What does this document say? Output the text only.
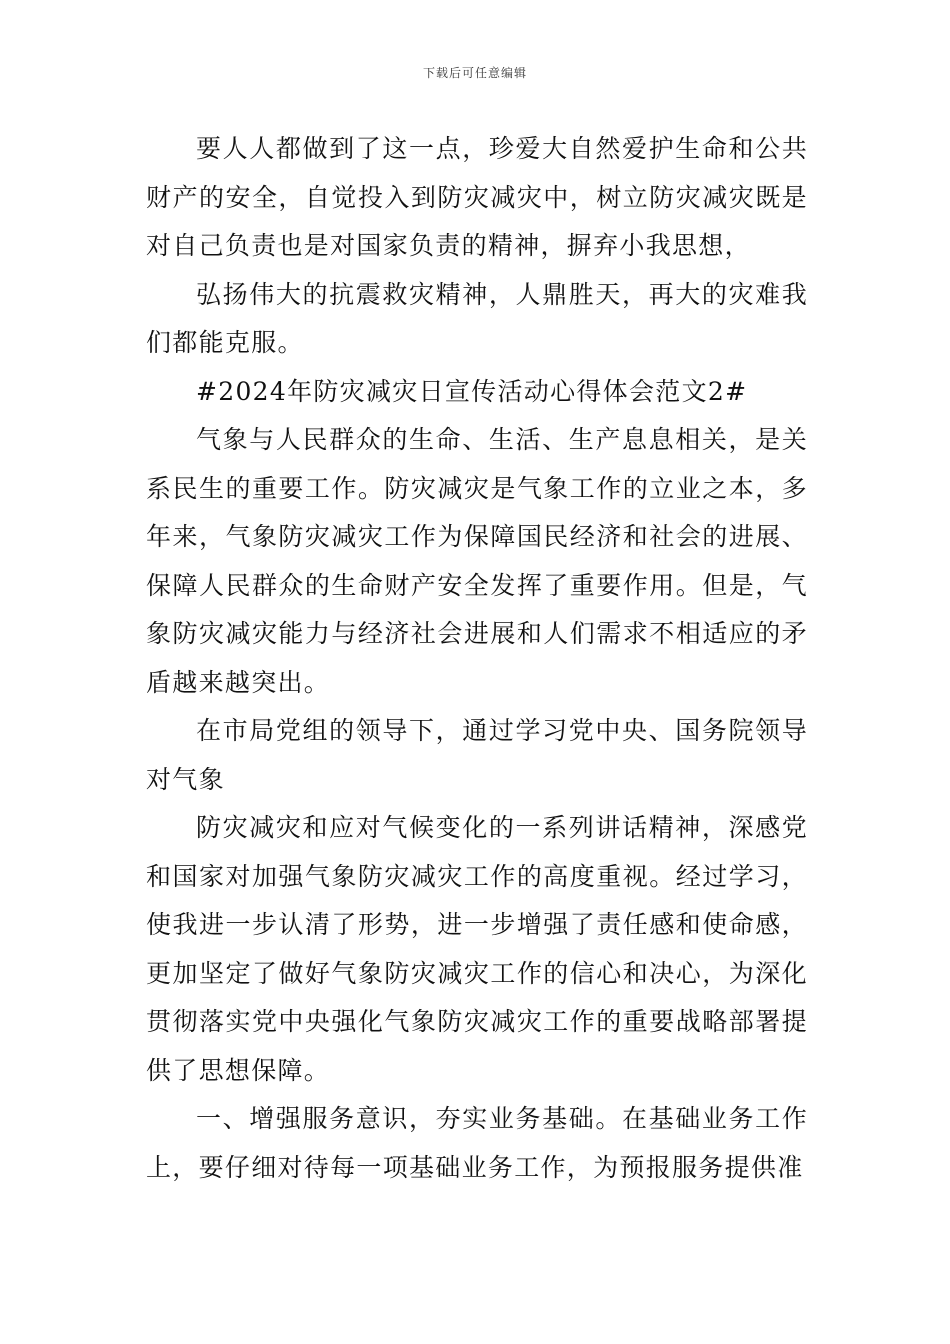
下载后可任意编辑

要人人都做到了这一点，珍爱大自然爱护生命和公共财产的安全，自觉投入到防灾减灾中，树立防灾减灾既是对自己负责也是对国家负责的精神，摒弃小我思想，

弘扬伟大的抗震救灾精神，人鼎胜天，再大的灾难我们都能克服。

#2024年防灾减灾日宣传活动心得体会范文2#

气象与人民群众的生命、生活、生产息息相关，是关系民生的重要工作。防灾减灾是气象工作的立业之本，多年来，气象防灾减灾工作为保障国民经济和社会的进展、保障人民群众的生命财产安全发挥了重要作用。但是，气象防灾减灾能力与经济社会进展和人们需求不相适应的矛盾越来越突出。

在市局党组的领导下，通过学习党中央、国务院领导对气象

防灾减灾和应对气候变化的一系列讲话精神，深感党和国家对加强气象防灾减灾工作的高度重视。经过学习，使我进一步认清了形势，进一步增强了责任感和使命感，更加坚定了做好气象防灾减灾工作的信心和决心，为深化贯彻落实党中央强化气象防灾减灾工作的重要战略部署提供了思想保障。

一、增强服务意识，夯实业务基础。在基础业务工作上，要仔细对待每一项基础业务工作，为预报服务提供准
